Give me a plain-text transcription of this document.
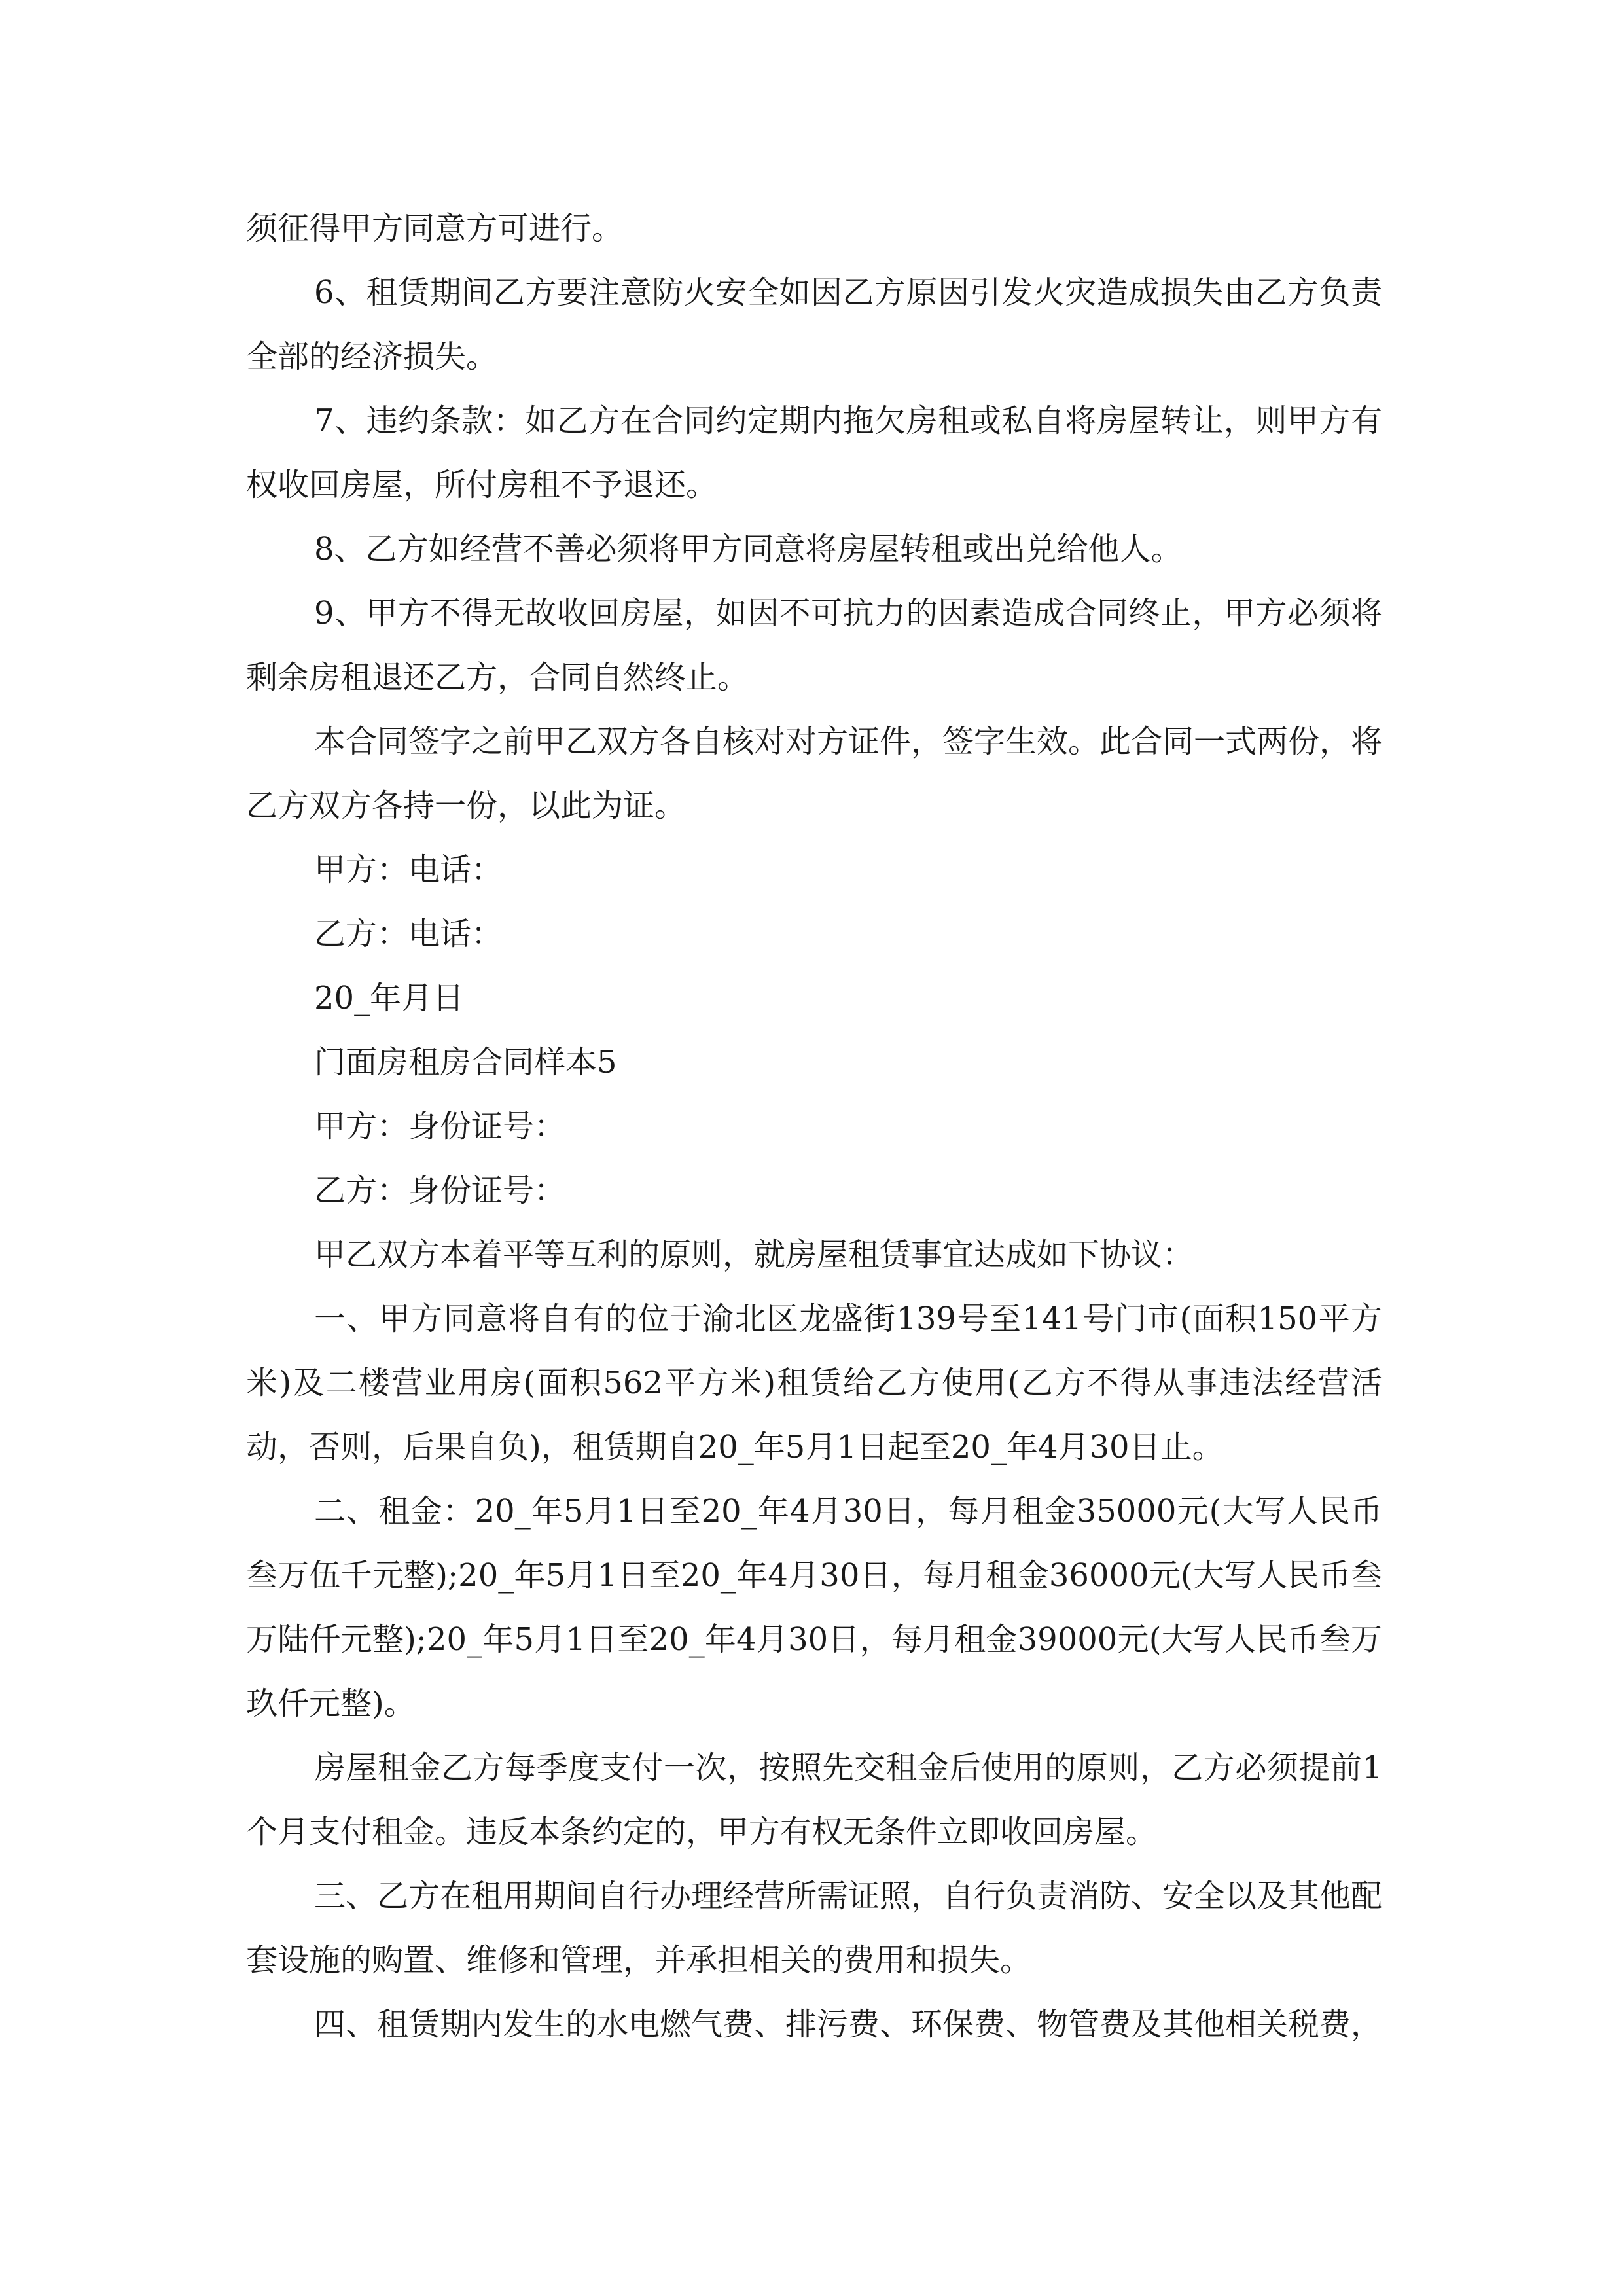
须征得甲方同意方可进行。

6、租赁期间乙方要注意防火安全如因乙方原因引发火灾造成损失由乙方负责全部的经济损失。

7、违约条款：如乙方在合同约定期内拖欠房租或私自将房屋转让，则甲方有权收回房屋，所付房租不予退还。

8、乙方如经营不善必须将甲方同意将房屋转租或出兑给他人。

9、甲方不得无故收回房屋，如因不可抗力的因素造成合同终止，甲方必须将剩余房租退还乙方，合同自然终止。

本合同签字之前甲乙双方各自核对对方证件，签字生效。此合同一式两份，将乙方双方各持一份，以此为证。

甲方：电话：

乙方：电话：

20_年月日

门面房租房合同样本5

甲方：身份证号：

乙方：身份证号：

甲乙双方本着平等互利的原则，就房屋租赁事宜达成如下协议：

一、甲方同意将自有的位于渝北区龙盛街139号至141号门市(面积150平方米)及二楼营业用房(面积562平方米)租赁给乙方使用(乙方不得从事违法经营活动，否则，后果自负)，租赁期自20_年5月1日起至20_年4月30日止。

二、租金：20_年5月1日至20_年4月30日，每月租金35000元(大写人民币叁万伍千元整);20_年5月1日至20_年4月30日，每月租金36000元(大写人民币叁万陆仟元整);20_年5月1日至20_年4月30日，每月租金39000元(大写人民币叁万玖仟元整)。

房屋租金乙方每季度支付一次，按照先交租金后使用的原则，乙方必须提前1个月支付租金。违反本条约定的，甲方有权无条件立即收回房屋。

三、乙方在租用期间自行办理经营所需证照，自行负责消防、安全以及其他配套设施的购置、维修和管理，并承担相关的费用和损失。

四、租赁期内发生的水电燃气费、排污费、环保费、物管费及其他相关税费，
